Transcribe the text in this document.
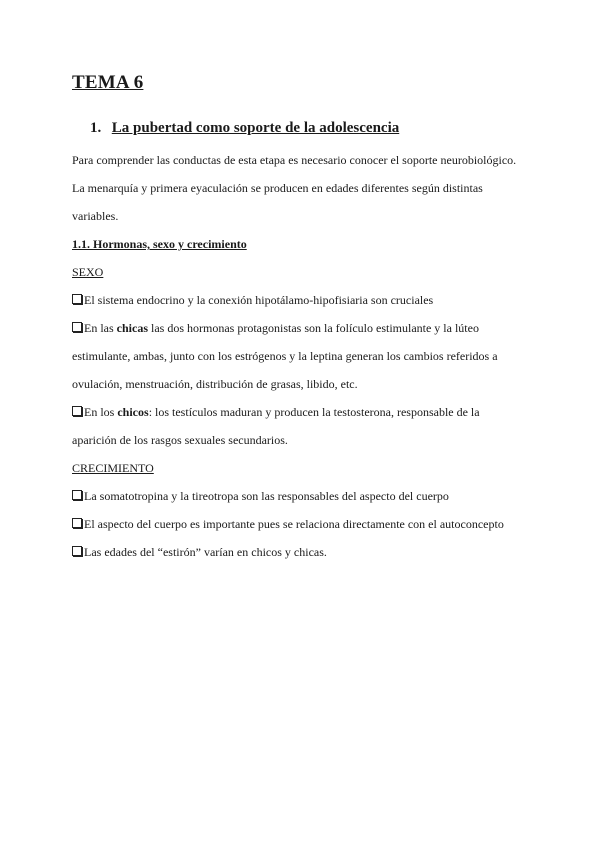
TEMA 6
1. La pubertad como soporte de la adolescencia
Para comprender las conductas de esta etapa es necesario conocer el soporte neurobiológico.
La menarquía y primera eyaculación se producen en edades diferentes según distintas
variables.
1.1. Hormonas, sexo y crecimiento
SEXO
El sistema endocrino y la conexión hipotálamo-hipofisiaria son cruciales
En las chicas las dos hormonas protagonistas son la folículo estimulante y la lúteo
estimulante, ambas, junto con los estrógenos y la leptina generan los cambios referidos a
ovulación, menstruación, distribución de grasas, libido, etc.
En los chicos: los testículos maduran y producen la testosterona, responsable de la
aparición de los rasgos sexuales secundarios.
CRECIMIENTO
La somatotropina y la tireotropa son las responsables del aspecto del cuerpo
El aspecto del cuerpo es importante pues se relaciona directamente con el autoconcepto
Las edades del “estirón” varían en chicos y chicas.
